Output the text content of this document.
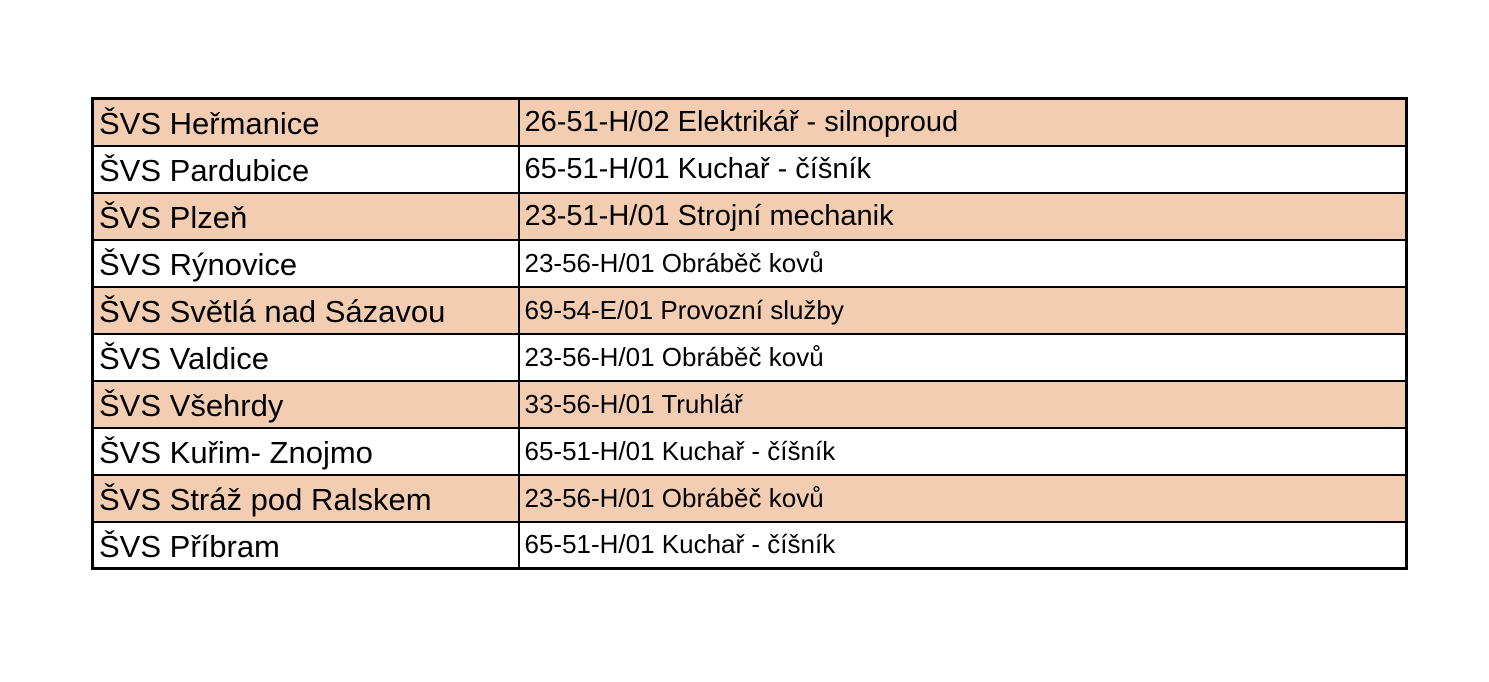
ŠVS Heřmanice	26-51-H/02 Elektrikář - silnoproud
ŠVS Pardubice	65-51-H/01 Kuchař - číšník
ŠVS Plzeň	23-51-H/01 Strojní mechanik
ŠVS Rýnovice	23-56-H/01 Obráběč kovů
ŠVS Světlá nad Sázavou	69-54-E/01 Provozní služby
ŠVS Valdice	23-56-H/01 Obráběč kovů
ŠVS Všehrdy	33-56-H/01 Truhlář
ŠVS Kuřim- Znojmo	65-51-H/01 Kuchař - číšník
ŠVS Stráž pod Ralskem	23-56-H/01 Obráběč kovů
ŠVS Příbram	65-51-H/01 Kuchař - číšník
